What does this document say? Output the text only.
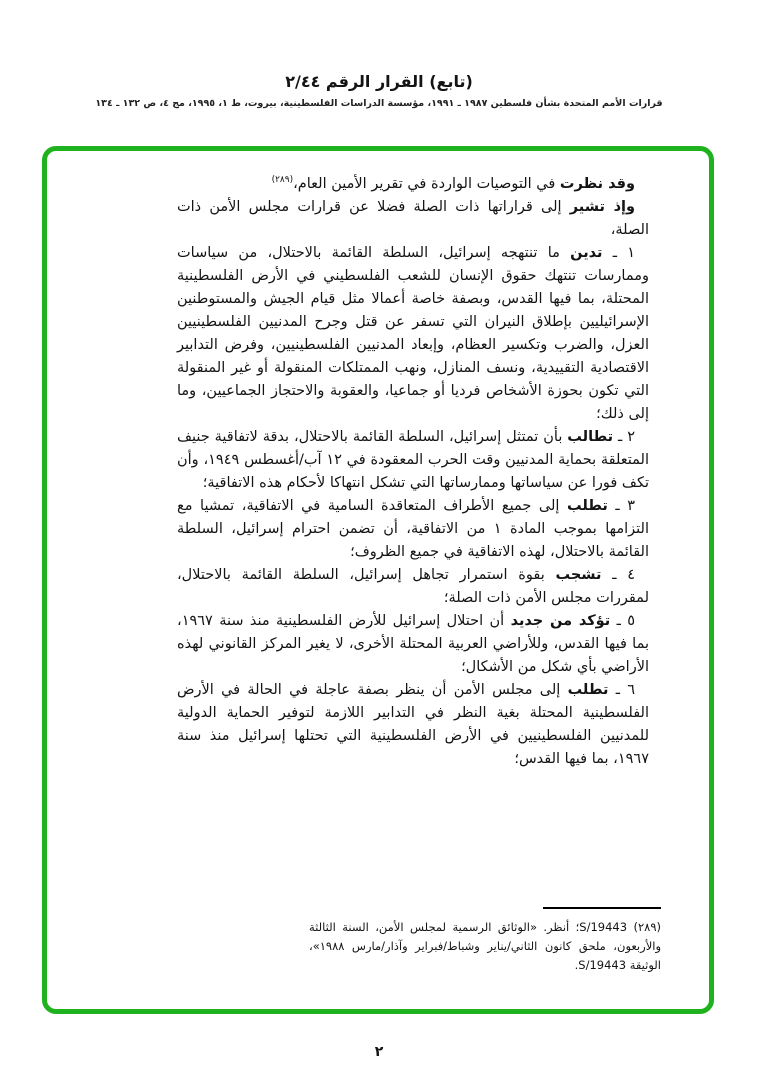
(تابع) القرار الرقم ٢/٤٤
قرارات الأمم المتحدة بشأن فلسطين ١٩٨٧ ـ ١٩٩١، مؤسسة الدراسات الفلسطينية، بيروت، ط ١، ١٩٩٥، مج ٤، ص ١٣٢ ـ ١٣٤

وقد نظرت في التوصيات الواردة في تقرير الأمين العام،$^{(٢٨٩)}$

وإذ تشير إلى قراراتها ذات الصلة فضلا عن قرارات مجلس الأمن ذات الصلة،

١ ـ تدين ما تنتهجه إسرائيل، السلطة القائمة بالاحتلال، من سياسات وممارسات تنتهك حقوق الإنسان للشعب الفلسطيني في الأرض الفلسطينية المحتلة، بما فيها القدس، وبصفة خاصة أعمالا مثل قيام الجيش والمستوطنين الإسرائيليين بإطلاق النيران التي تسفر عن قتل وجرح المدنيين الفلسطينيين العزل، والضرب وتكسير العظام، وإبعاد المدنيين الفلسطينيين، وفرض التدابير الاقتصادية التقييدية، ونسف المنازل، ونهب الممتلكات المنقولة أو غير المنقولة التي تكون بحوزة الأشخاص فرديا أو جماعيا، والعقوبة والاحتجاز الجماعيين، وما إلى ذلك؛

٢ ـ تطالب بأن تمتثل إسرائيل، السلطة القائمة بالاحتلال، بدقة لاتفاقية جنيف المتعلقة بحماية المدنيين وقت الحرب المعقودة في ١٢ آب/أغسطس ١٩٤٩، وأن تكف فورا عن سياساتها وممارساتها التي تشكل انتهاكا لأحكام هذه الاتفاقية؛

٣ ـ تطلب إلى جميع الأطراف المتعاقدة السامية في الاتفاقية، تمشيا مع التزامها بموجب المادة ١ من الاتفاقية، أن تضمن احترام إسرائيل، السلطة القائمة بالاحتلال، لهذه الاتفاقية في جميع الظروف؛

٤ ـ تشجب بقوة استمرار تجاهل إسرائيل، السلطة القائمة بالاحتلال، لمقررات مجلس الأمن ذات الصلة؛

٥ ـ تؤكد من جديد أن احتلال إسرائيل للأرض الفلسطينية منذ سنة ١٩٦٧، بما فيها القدس، وللأراضي العربية المحتلة الأخرى، لا يغير المركز القانوني لهذه الأراضي بأي شكل من الأشكال؛

٦ ـ تطلب إلى مجلس الأمن أن ينظر بصفة عاجلة في الحالة في الأرض الفلسطينية المحتلة بغية النظر في التدابير اللازمة لتوفير الحماية الدولية للمدنيين الفلسطينيين في الأرض الفلسطينية التي تحتلها إسرائيل منذ سنة ١٩٦٧، بما فيها القدس؛

(٢٨٩) S/19443؛ أنظر. «الوثائق الرسمية لمجلس الأمن، السنة الثالثة والأربعون، ملحق كانون الثاني/يناير وشباط/فبراير وآذار/مارس ١٩٨٨»، الوثيقة S/19443.

٢
